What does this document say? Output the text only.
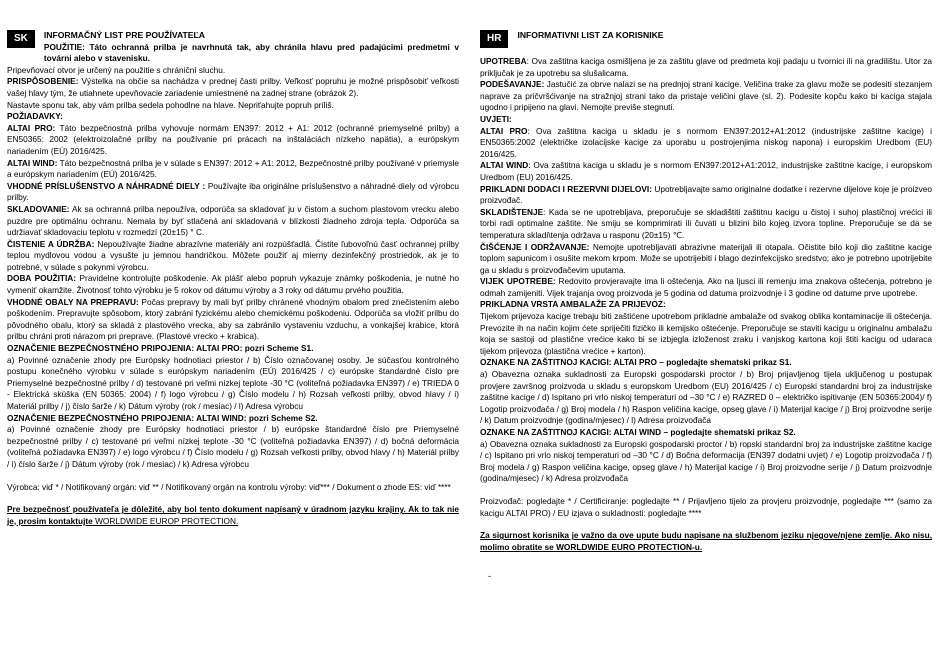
SK	INFORMAČNÝ LIST PRE POUŽÍVATEĽA
POUŽITIE: Táto ochranná prilba je navrhnutá tak, aby chránila hlavu pred padajúcimi predmetmi v továrni alebo v stavenisku.

Pripevňovací otvor je určený na použitie s chrániční sluchu.

PRISPÔSOBENIE: Výstelka na občie sa nachádza v prednej časti prilby. Veľkosť popruhu je možné prispôsobiť veľkosti vašej hlavy tým, že utiahnete upevňovacie zariadenie umiestnené na zadnej strane (obrázok 2).

Nastavte sponu tak, aby vám prilba sedela pohodlne na hlave. Nepriťahujte popruh príliš.

POŽIADAVKY:

ALTAI PRO: Táto bezpečnostná prilba vyhovuje normám EN397: 2012 + A1: 2012 (ochranné priemyselné prilby) a EN50365: 2002 (elektroizolačné prilby na používanie pri prácach na inštaláciách nízkeho napätia), a európskym nariadením (EÚ) 2016/425.

ALTAI WIND: Táto bezpečnostná prilba je v súlade s EN397: 2012 + A1: 2012, Bezpečnostné prilby používané v priemysle a európskym nariadením (EÚ) 2016/425.

VHODNÉ PRÍSLUŠENSTVO A NÁHRADNÉ DIELY : Používajte iba originálne príslušenstvo a náhradné diely od výrobcu prilby.

SKLADOVANIE: Ak sa ochranná prilba nepoužíva, odporúča sa skladovať ju v čistom a suchom plastovom vrecku alebo puzdre pre optimálnu ochranu. Nemala by byť stlačená ani skladovaná v blízkosti žiadneho zdroja tepla. Odporúča sa udržiavať skladovaciu teplotu v rozmedzí (20±15) ° C.

ČISTENIE A ÚDRŽBA: Nepoužívajte žiadne abrazívne materiály ani rozpúšťadlá. Čistite ľubovoľnú časť ochrannej prilby teplou mydlovou vodou a vysušte ju jemnou handričkou. Môžete použiť aj mierny dezinfekčný prostriedok, ak je to potrebné, v súlade s pokynmi výrobcu.

DOBA POUŽITIA: Pravidelne kontrolujte poškodenie. Ak plášť alebo popruh vykazuje známky poškodenia, je nutné ho vymeniť okamžite. Životnosť tohto výrobku je 5 rokov od dátumu výroby a 3 roky od dátumu prvého použitia.

VHODNÉ OBALY NA PREPRAVU: Počas prepravy by mali byť prilby chránené vhodným obalom pred znečistením alebo poškodením. Prepravujte spôsobom, ktorý zabráni fyzickému alebo chemickému poškodeniu. Odporúča sa vložiť prilbu do pôvodného obalu, ktorý sa skladá z plastového vrecka, aby sa zabránilo vystaveniu vzduchu, a vonkajšej krabice, ktorá prilbu chráni proti nárazom pri preprave. (Plastové vrecko + krabica).

OZNAČENIE BEZPEČNOSTNÉHO PRIPOJENIA: ALTAI PRO: pozri Scheme S1.

a) Povinné označenie zhody pre Európsky hodnotiaci priestor / b) Číslo označovanej osoby. Je súčasťou kontrolného postupu konečného výrobku v súlade s európskym nariadením (EÚ) 2016/425 / c) európske štandardné číslo pre Priemyselné bezpečnostné prilby / d) testované pri veľmi nízkej teplote -30 °C (voliteľná požiadavka EN397) / e) TRIEDA 0 - Elektrická skúška (EN 50365: 2004) / f) logo výrobcu / g) Číslo modelu / h) Rozsah veľkosti prilby, obvod hlavy / i) Materiál prilby / j) číslo šarže / k) Dátum výroby (rok / mesiac) / l) Adresa výrobcu

OZNAČENIE BEZPEČNOSTNÉHO PRIPOJENIA: ALTAI WIND: pozri Scheme S2.

a) Povinné označenie zhody pre Európsky hodnotiaci priestor / b) európske štandardné číslo pre Priemyselné bezpečnostné prilby / c) testované pri veľmi nízkej teplote -30 °C (voliteľná požiadavka EN397) / d) bočná deformácia (voliteľná požiadavka EN397) / e) logo výrobcu / f) Číslo modelu / g) Rozsah veľkosti prilby, obvod hlavy / h) Materiál prilby / i) číslo šarže / j) Dátum výroby (rok / mesiac) / k) Adresa výrobcu

Výrobca: viď * / Notifikovaný orgán: viď ** / Notifikovaný orgán na kontrolu výroby: viď*** / Dokument o zhode ES: viď ****

Pre bezpečnosť používateľa je dôležité, aby bol tento dokument napísaný v úradnom jazyku krajiny. Ak to tak nie je, prosim kontaktujte WORLDWIDE EUROP PROTECTION.

HR	INFORMATIVNI LIST ZA KORISNIKE

UPOTREBA: Ova zaštitna kaciga osmišljena je za zaštitu glave od predmeta koji padaju u tvornici ili na gradilištu. Utor za priključak je za upotrebu sa slušalicama.

PODEŠAVANJE: Jastučić za obrve nalazi se na prednjoj strani kacige. Veličina trake za glavu može se podesiti stezanjem naprave za pričvršćivanje na stražnjoj strani tako da pristaje veličini glave (sl. 2). Podesite kopču kako bi kaciga stajala ugodno i pripijeno na glavi. Nemojte previše stegnuti.

UVJETI:

ALTAI PRO: Ova zaštitna kaciga u skladu je s normom EN397:2012+A1:2012 (industrijske zaštitne kacige) i EN50365:2002 (električke izolacijske kacige za uporabu u postrojenjima niskog napona) i europskim Uredbom (EU) 2016/425.

ALTAI WIND: Ova zaštitna kaciga u skladu je s normom EN397:2012+A1:2012, industrijske zaštitne kacige, i europskom Uredbom (EU) 2016/425.

PRIKLADNI DODACI I REZERVNI DIJELOVI: Upotrebljavajte samo originalne dodatke i rezervne dijelove koje je proizveo proizvođač.

SKLADIŠTENJE: Kada se ne upotrebljava, preporučuje se skladištiti zaštitnu kacigu u čistoj i suhoj plastičnoj vrećici ili torbi radi optimalne zaštite. Ne smiju se komprimirati ili čuvati u blizini bilo kojeg izvora topline. Preporučuje se da se temperatura skladi\tenja održava u rasponu (20±15) ℃.

ČIŠĆENJE I ODRŽAVANJE: Nemojte upotrebljavati abrazivne materijali ili otapala. Očistite bilo koji dio zaštitne kacige toplom sapunicom i osušite mekom krpom. Može se upotrijebiti i blago dezinfekcijsko sredstvo; ako je potrebno upotrijebite ga u skladu s proizvođačevim uputama.

VIJEK UPOTREBE: Redovito provjeravajte ima li oštećenja. Ako na ljusci ili remenju ima znakova oštećenja, potrebno je odmah zamijeniti. Vijek trajanja ovog proizvoda je 5 godina od datuma proizvodnje i 3 godine od datume prve upotrebe.

PRIKLADNA VRSTA AMBALAŽE ZA PRIJEVOZ:

Tijekom prijevoza kacige trebaju biti zaštićene upotrebom prikladne ambalaže od svakog oblika kontaminacije ili oštećenja. Prevozite ih na način kojim ćete spriječiti fizičko ili kemijsko oštećenje. Preporučuje se staviti kacigu u originalnu ambalažu koja se sastoji od plastične vrećice kako bi se izbjegla izloženost zraku i vanjskog kartona koji štiti kacigu od udaraca tijekom prijevoza (plastična vrećice + karton).

OZNAKE NA ZAŠTITNOJ KACIGI: ALTAI PRO – pogledajte shematski prikaz S1.

a) Obavezna oznaka sukladnosti za Europski gospodarski proctor / b) Broj prijavljenog tijela uključenog u postupak provjere završnog proizvoda u skladu s europskom Uredbom (EU) 2016/425 / c) Europski standardni broj za industrijske zaštitne kacige / d) Ispitano pri vrlo niskoj temperaturi od –30 °C / e) RAZRED 0 – električko ispitivanje (EN 50365:2004)/ f) Logotip proizvođača / g) Broj modela / h) Raspon veličina kacige, opseg glave / i) Materijal kacige / j) Broj proizvodne serije / k) Datum proizvodnje (godina/mjesec) / l) Adresa proizvođača

OZNAKE NA ZAŠTITNOJ KACIGI: ALTAI WIND – pogledajte shematski prikaz S2.

a) Obavezna oznaka sukladnosti za Europski gospodarski proctor / b) ropski standardni broj za industrijske zaštitne kacige / c) Ispitano pri vrlo niskoj temperaturi od –30 °C / d) Bočna deformacija (EN397 dodatni uvjet) / e) Logotip proizvođača / f) Broj modela / g) Raspon veličina kacige, opseg glave / h) Materijal kacige / i) Broj proizvodne serije / j) Datum proizvodnje (godina/mjesec) / k) Adresa proizvođača

Proizvođač: pogledajte * / Certificiranje: pogledajte ** / Prijavljeno tijelo za provjeru proizvodnje, pogledajte *** (samo za kacigu ALTAI PRO) / EU izjava o sukladnosti: pogledajte ****

Za sigurnost korisnika je važno da ove upute budu napisane na službenom jeziku njegove/njene zemlje. Ako nisu, molimo obratite se WORLDWIDE EURO PROTECTION-u.

-
